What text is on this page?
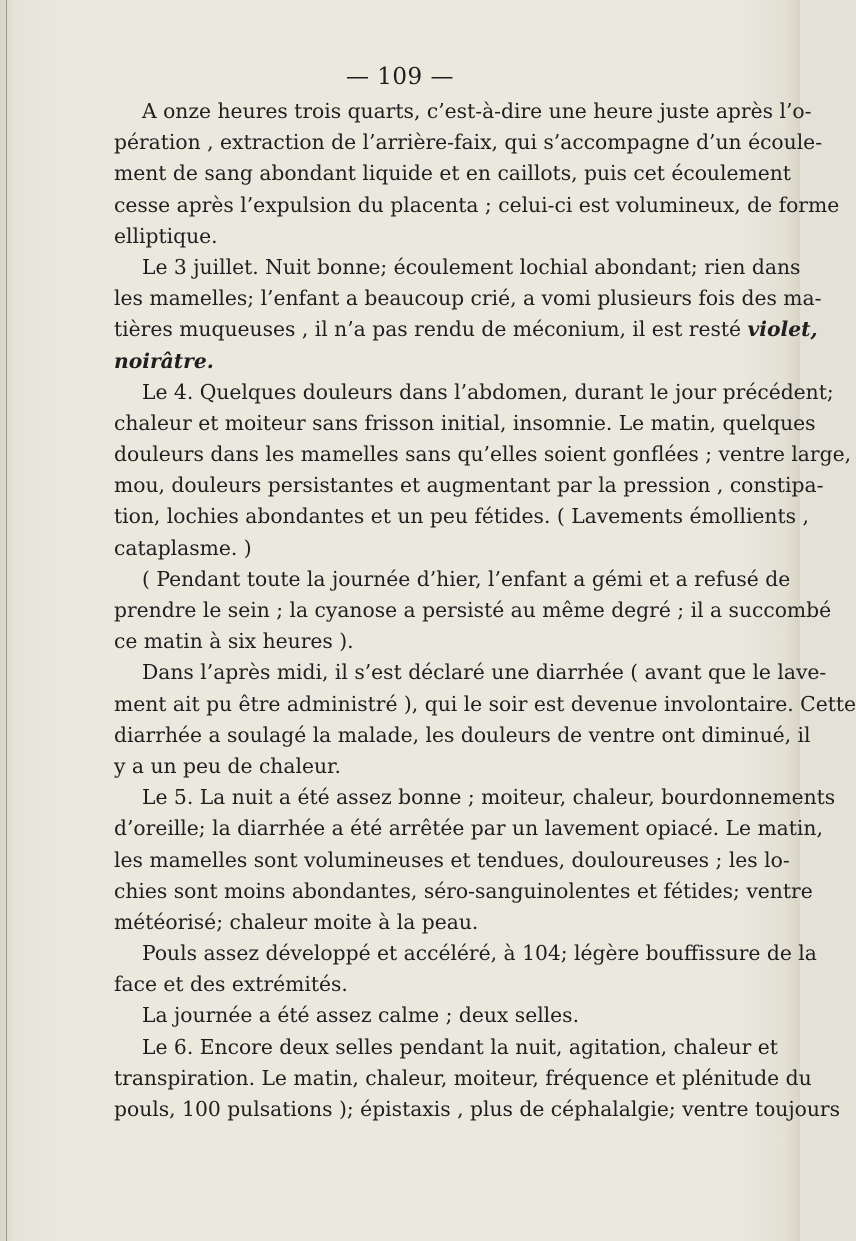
— 109 —
A onze heures trois quarts, c’est-à-dire une heure juste après l’o-
pération , extraction de l’arrière-faix, qui s’accompagne d’un écoule-
ment de sang abondant liquide et en caillots, puis cet écoulement
cesse après l’expulsion du placenta ; celui-ci est volumineux, de forme
elliptique.
Le 3 juillet. Nuit bonne; écoulement lochial abondant; rien dans
les mamelles; l’enfant a beaucoup crié, a vomi plusieurs fois des ma-
tières muqueuses , il n’a pas rendu de méconium, il est resté violet,
noirâtre.
Le 4. Quelques douleurs dans l’abdomen, durant le jour précédent;
chaleur et moiteur sans frisson initial, insomnie. Le matin, quelques
douleurs dans les mamelles sans qu’elles soient gonflées ; ventre large,
mou, douleurs persistantes et augmentant par la pression , constipa-
tion, lochies abondantes et un peu fétides. ( Lavements émollients ,
cataplasme. )
( Pendant toute la journée d’hier, l’enfant a gémi et a refusé de
prendre le sein ; la cyanose a persisté au même degré ; il a succombé
ce matin à six heures ).
Dans l’après midi, il s’est déclaré une diarrhée ( avant que le lave-
ment ait pu être administré ), qui le soir est devenue involontaire. Cette
diarrhée a soulagé la malade, les douleurs de ventre ont diminué, il
y a un peu de chaleur.
Le 5. La nuit a été assez bonne ; moiteur, chaleur, bourdonnements
d’oreille; la diarrhée a été arrêtée par un lavement opiacé. Le matin,
les mamelles sont volumineuses et tendues, douloureuses ; les lo-
chies sont moins abondantes, séro-sanguinolentes et fétides; ventre
météorisé; chaleur moite à la peau.
Pouls assez développé et accéléré, à 104; légère bouffissure de la
face et des extrémités.
La journée a été assez calme ; deux selles.
Le 6. Encore deux selles pendant la nuit, agitation, chaleur et
transpiration. Le matin, chaleur, moiteur, fréquence et plénitude du
pouls, 100 pulsations ); épistaxis , plus de céphalalgie; ventre toujours
